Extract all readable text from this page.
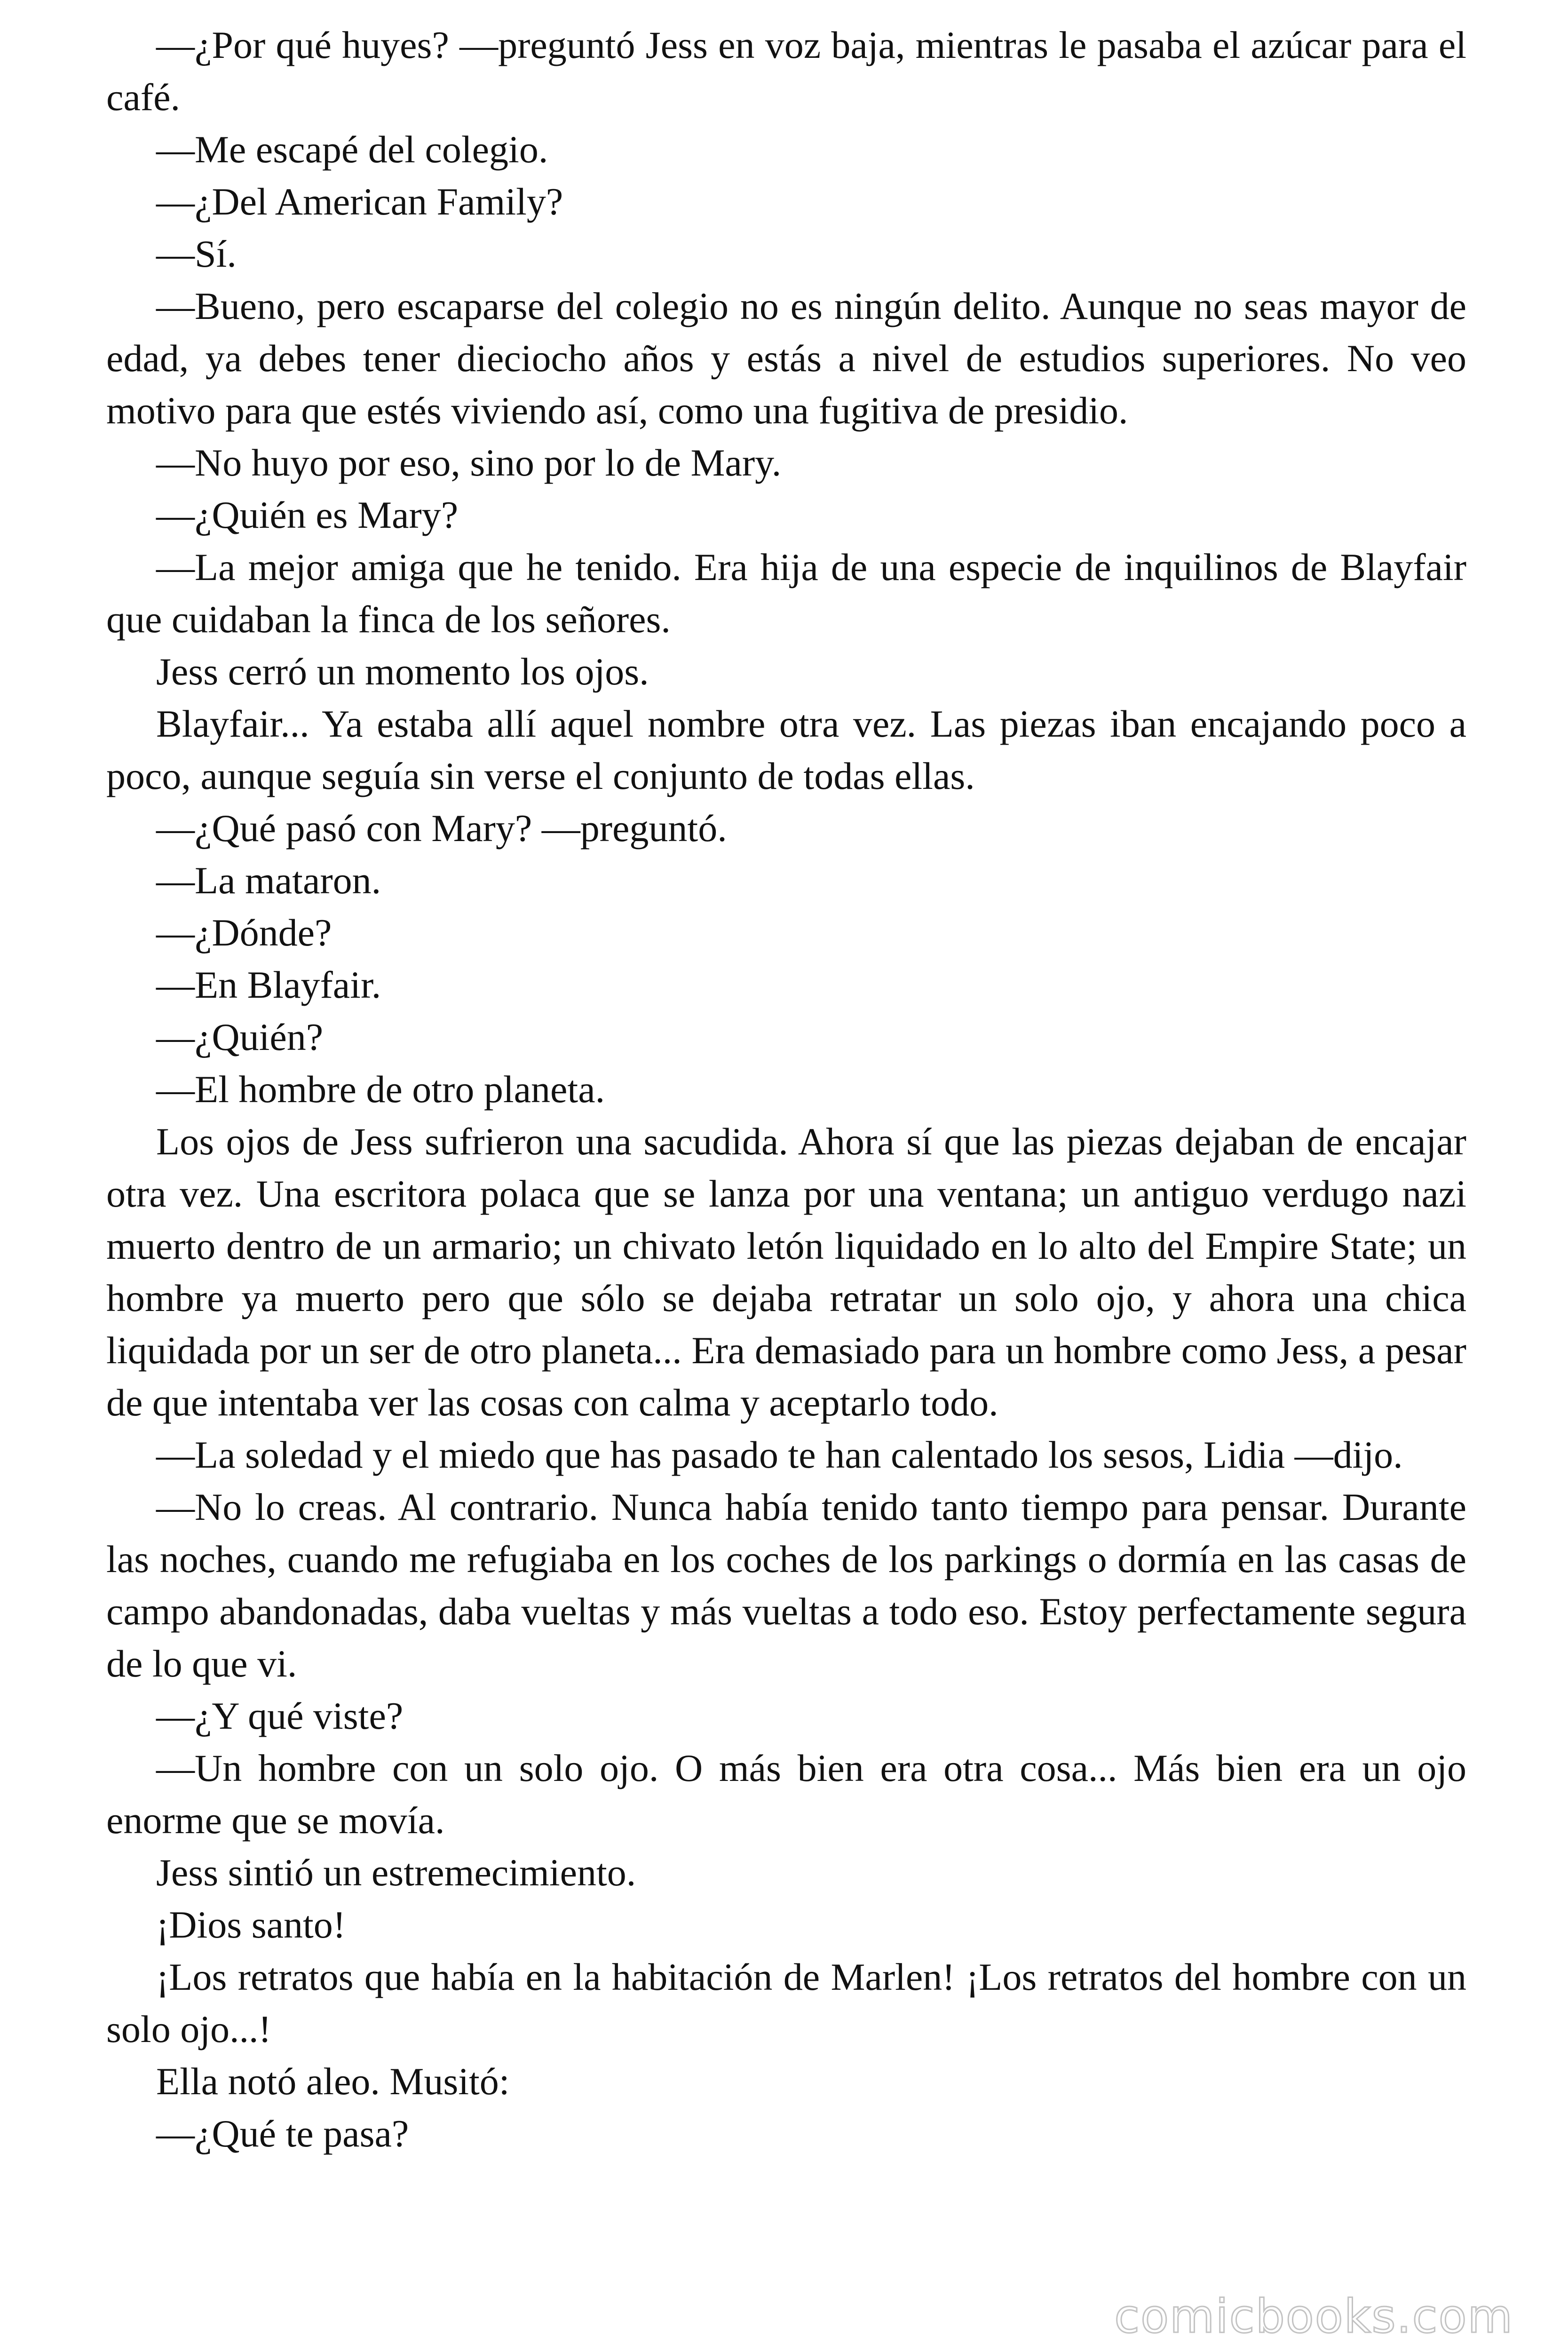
—¿Por qué huyes? —preguntó Jess en voz baja, mientras le pasaba el azúcar para el café.

—Me escapé del colegio.

—¿Del American Family?

—Sí.

—Bueno, pero escaparse del colegio no es ningún delito. Aunque no seas mayor de edad, ya debes tener dieciocho años y estás a nivel de estudios superiores. No veo motivo para que estés viviendo así, como una fugitiva de presidio.

—No huyo por eso, sino por lo de Mary.

—¿Quién es Mary?

—La mejor amiga que he tenido. Era hija de una especie de inquilinos de Blayfair que cuidaban la finca de los señores.

Jess cerró un momento los ojos.

Blayfair... Ya estaba allí aquel nombre otra vez. Las piezas iban encajando poco a poco, aunque seguía sin verse el conjunto de todas ellas.

—¿Qué pasó con Mary? —preguntó.

—La mataron.

—¿Dónde?

—En Blayfair.

—¿Quién?

—El hombre de otro planeta.

Los ojos de Jess sufrieron una sacudida. Ahora sí que las piezas dejaban de encajar otra vez. Una escritora polaca que se lanza por una ventana; un antiguo verdugo nazi muerto dentro de un armario; un chivato letón liquidado en lo alto del Empire State; un hombre ya muerto pero que sólo se dejaba retratar un solo ojo, y ahora una chica liquidada por un ser de otro planeta... Era demasiado para un hombre como Jess, a pesar de que intentaba ver las cosas con calma y aceptarlo todo.

—La soledad y el miedo que has pasado te han calentado los sesos, Lidia —dijo.

—No lo creas. Al contrario. Nunca había tenido tanto tiempo para pensar. Durante las noches, cuando me refugiaba en los coches de los parkings o dormía en las casas de campo abandonadas, daba vueltas y más vueltas a todo eso. Estoy perfectamente segura de lo que vi.

—¿Y qué viste?

—Un hombre con un solo ojo. O más bien era otra cosa... Más bien era un ojo enorme que se movía.

Jess sintió un estremecimiento.

¡Dios santo!

¡Los retratos que había en la habitación de Marlen! ¡Los retratos del hombre con un solo ojo...!

Ella notó aleo. Musitó:

—¿Qué te pasa?

comicbooks.com
